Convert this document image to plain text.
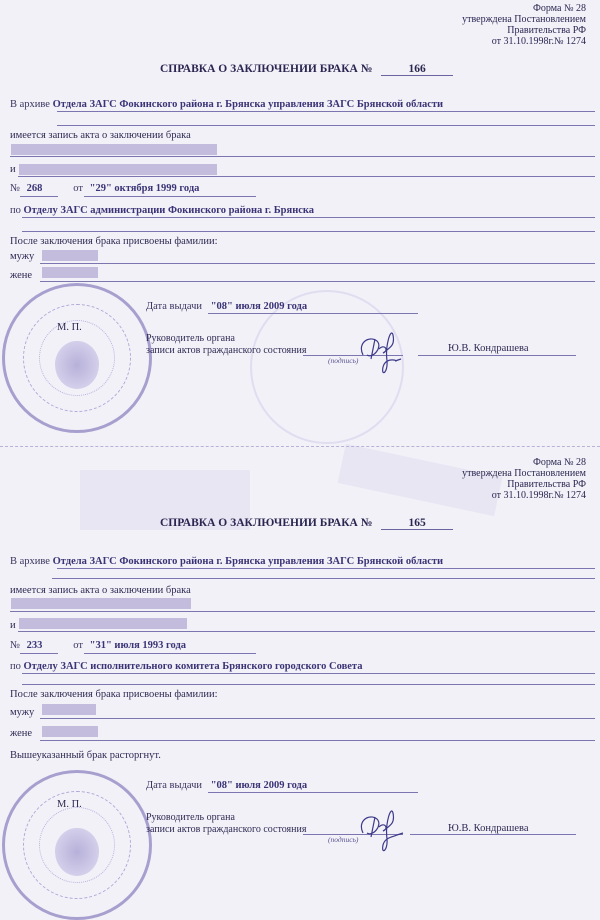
Форма № 28
утверждена Постановлением
Правительства РФ
от 31.10.1998г.№ 1274
СПРАВКА О ЗАКЛЮЧЕНИИ БРАКА №	166
В архиве Отдела ЗАГС Фокинского района г. Брянска управления ЗАГС Брянской области
имеется запись акта о заключении брака
и
№ 268	от "29" октября 1999 года
по Отделу ЗАГС администрации Фокинского района г. Брянска
После заключения брака присвоены фамилии:
мужу
жене
М. П.
Дата выдачи "08" июля 2009 года
Руководитель органа
записи актов гражданского состояния
(подпись)
Ю.В. Кондрашева
Форма № 28
утверждена Постановлением
Правительства РФ
от 31.10.1998г.№ 1274
СПРАВКА О ЗАКЛЮЧЕНИИ БРАКА №	165
В архиве Отдела ЗАГС Фокинского района г. Брянска управления ЗАГС Брянской области
имеется запись акта о заключении брака
и
№ 233	от "31" июля 1993 года
по Отделу ЗАГС исполнительного комитета Брянского городского Совета
После заключения брака присвоены фамилии:
мужу
жене
Вышеуказанный брак расторгнут.
М. П.
Дата выдачи "08" июля 2009 года
Руководитель органа
записи актов гражданского состояния
(подпись)
Ю.В. Кондрашева
